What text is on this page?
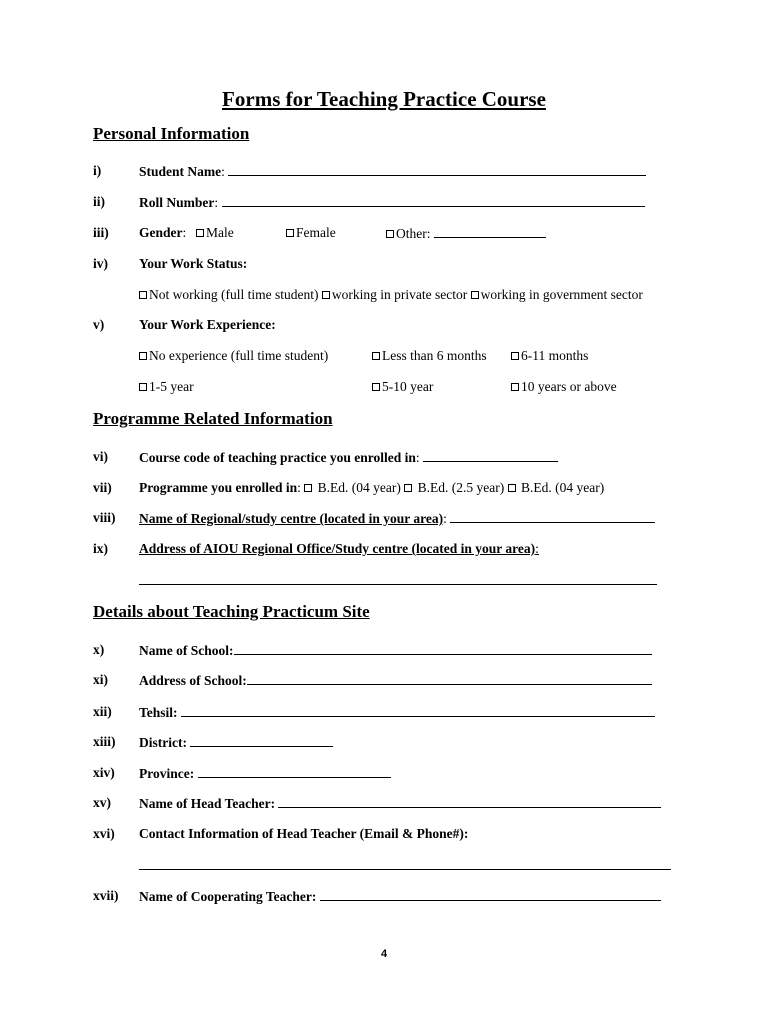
Forms for Teaching Practice Course
Personal Information
i)	Student Name:
ii)	Roll Number:
iii) Gender:	Male	Female	Other:
iv) Your Work Status:
Not working (full time student) working in private sector working in government sector
v)	Your Work Experience:
No experience (full time student)	Less than 6 months	6-11 months
1-5 year	5-10 year	10 years or above
Programme Related Information
vi) Course code of teaching practice you enrolled in:
vii) Programme you enrolled in:  B.Ed. (04 year)  B.Ed. (2.5 year)  B.Ed. (04 year)
viii) Name of Regional/study centre (located in your area):
ix) Address of AIOU Regional Office/Study centre (located in your area):
Details about Teaching Practicum Site
x)	Name of School:
xi) Address of School:
xii) Tehsil:
xiii) District:
xiv) Province:
xv) Name of Head Teacher:
xvi) Contact Information of Head Teacher (Email & Phone#):
xvii) Name of Cooperating Teacher:
4
